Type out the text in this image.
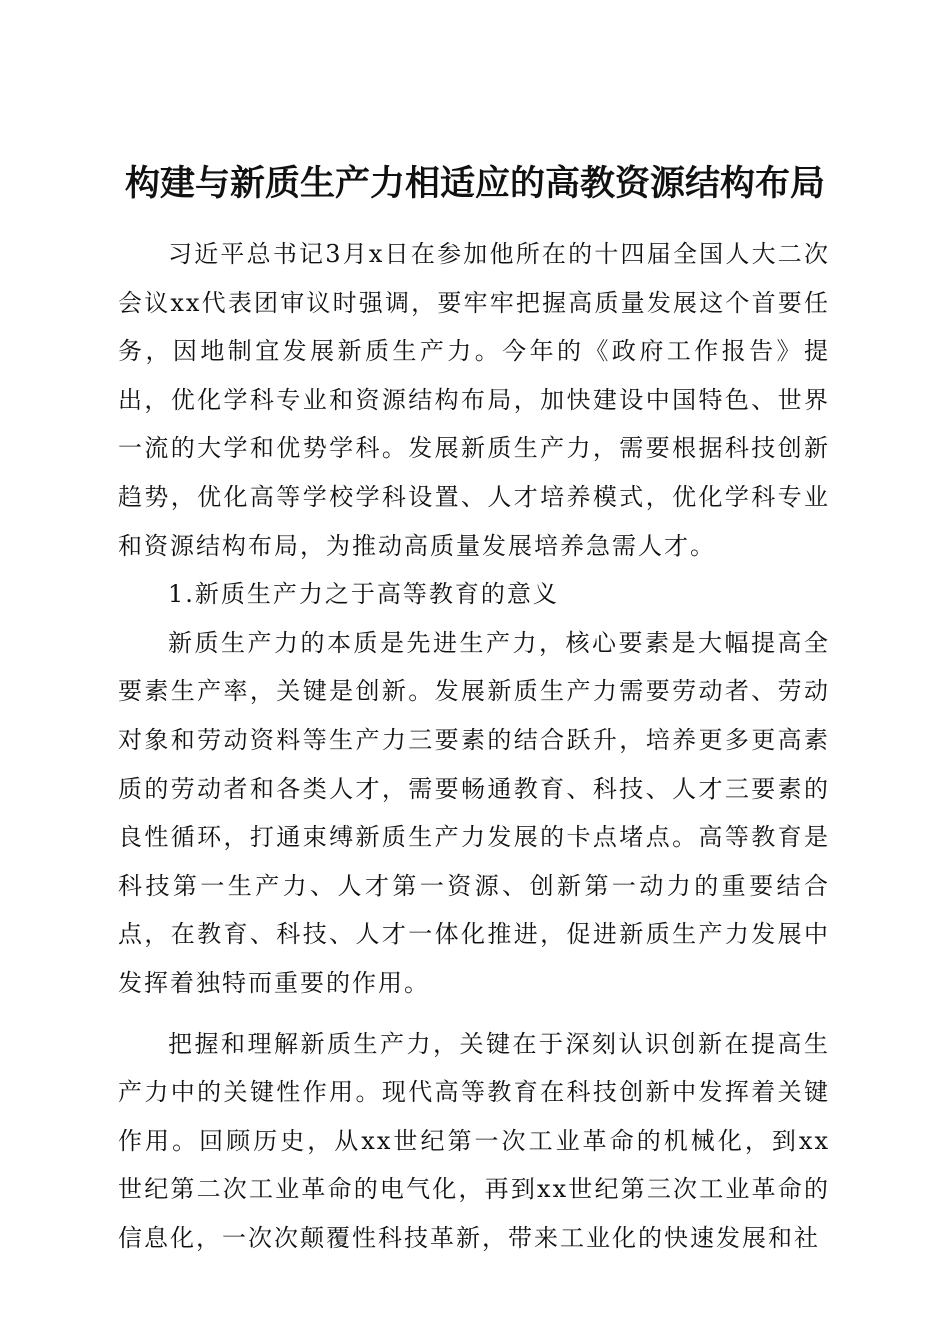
构建与新质生产力相适应的高教资源结构布局

习近平总书记3月x日在参加他所在的十四届全国人大二次会议xx代表团审议时强调，要牢牢把握高质量发展这个首要任务，因地制宜发展新质生产力。今年的《政府工作报告》提出，优化学科专业和资源结构布局，加快建设中国特色、世界一流的大学和优势学科。发展新质生产力，需要根据科技创新趋势，优化高等学校学科设置、人才培养模式，优化学科专业和资源结构布局，为推动高质量发展培养急需人才。

1.新质生产力之于高等教育的意义

新质生产力的本质是先进生产力，核心要素是大幅提高全要素生产率，关键是创新。发展新质生产力需要劳动者、劳动对象和劳动资料等生产力三要素的结合跃升，培养更多更高素质的劳动者和各类人才，需要畅通教育、科技、人才三要素的良性循环，打通束缚新质生产力发展的卡点堵点。高等教育是科技第一生产力、人才第一资源、创新第一动力的重要结合点，在教育、科技、人才一体化推进，促进新质生产力发展中发挥着独特而重要的作用。

把握和理解新质生产力，关键在于深刻认识创新在提高生产力中的关键性作用。现代高等教育在科技创新中发挥着关键作用。回顾历史，从xx世纪第一次工业革命的机械化，到xx世纪第二次工业革命的电气化，再到xx世纪第三次工业革命的信息化，一次次颠覆性科技革新，带来工业化的快速发展和社
